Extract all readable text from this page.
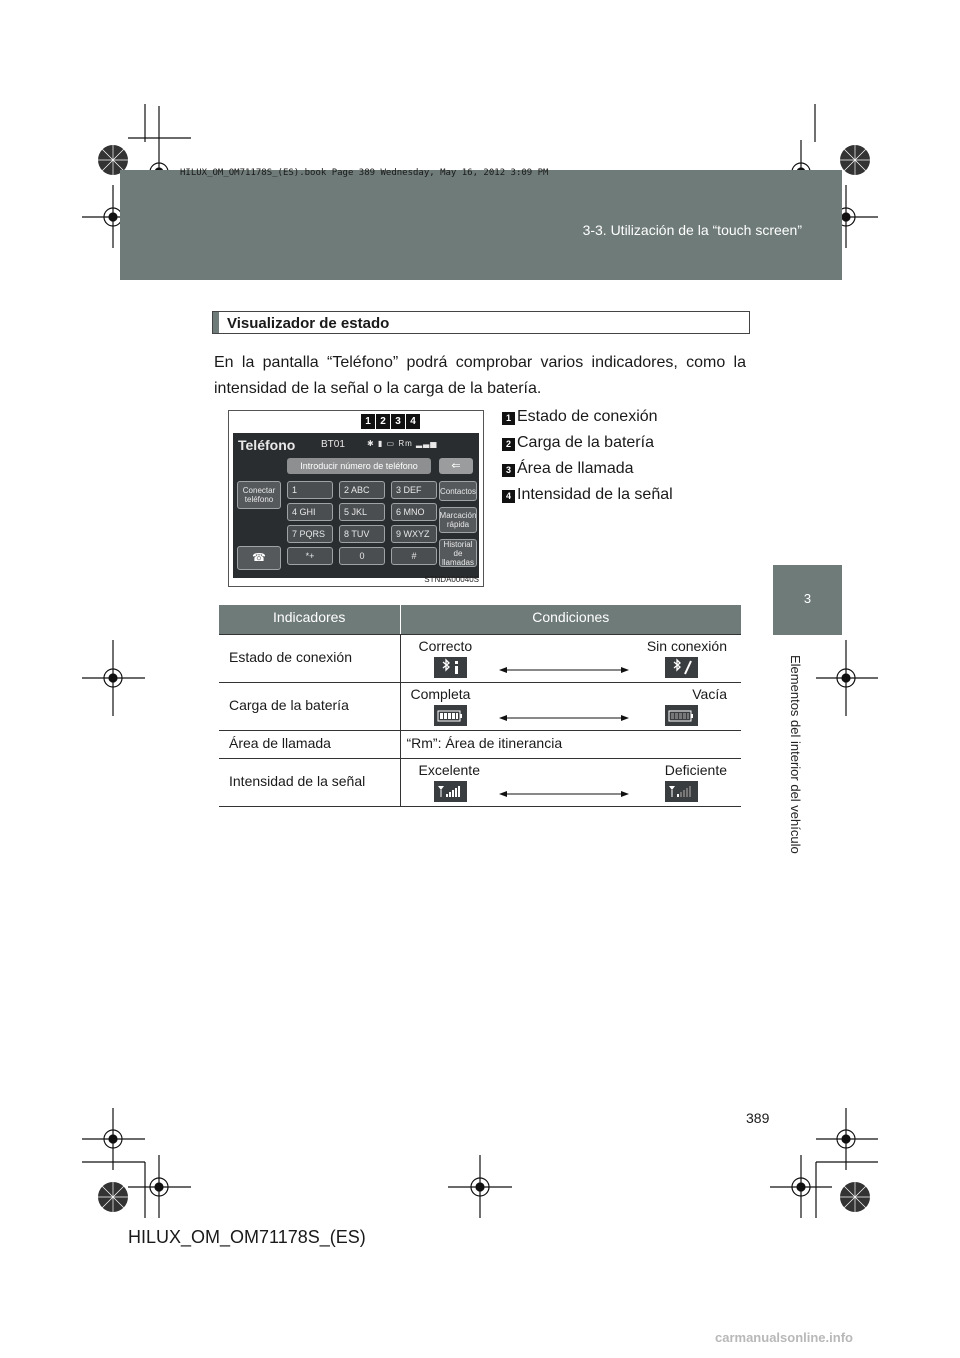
HILUX_OM_OM71178S_(ES).book Page 389 Wednesday, May 16, 2012 3:09 PM
3-3. Utilización de la “touch screen”
3
Elementos del interior del vehículo
Visualizador de estado

En la pantalla “Teléfono” podrá comprobar varios indicadores, como la intensidad de la señal o la carga de la batería.

1 2 3 4
Teléfono	BT01	✱ ▮ ▭ Rm ▂▃▅
Introducir número de teléfono	⇐
Conectar teléfono
1	2 ABC	3 DEF
4 GHI	5 JKL	6 MNO
7 PQRS	8 TUV	9 WXYZ
*+	0	#
Contactos
Marcación rápida
Historial de llamadas
☎
STNDA00040S
1 Estado de conexión
2 Carga de la batería
3 Área de llamada
4 Intensidad de la señal
Indicadores	Condiciones
Estado de conexión	Correcto Sin conexión

Carga de la batería	Completa Vacía

Área de llamada	“Rm”: Área de itinerancia
Intensidad de la señal	Excelente Deficiente
389
HILUX_OM_OM71178S_(ES)
carmanualsonline.info
